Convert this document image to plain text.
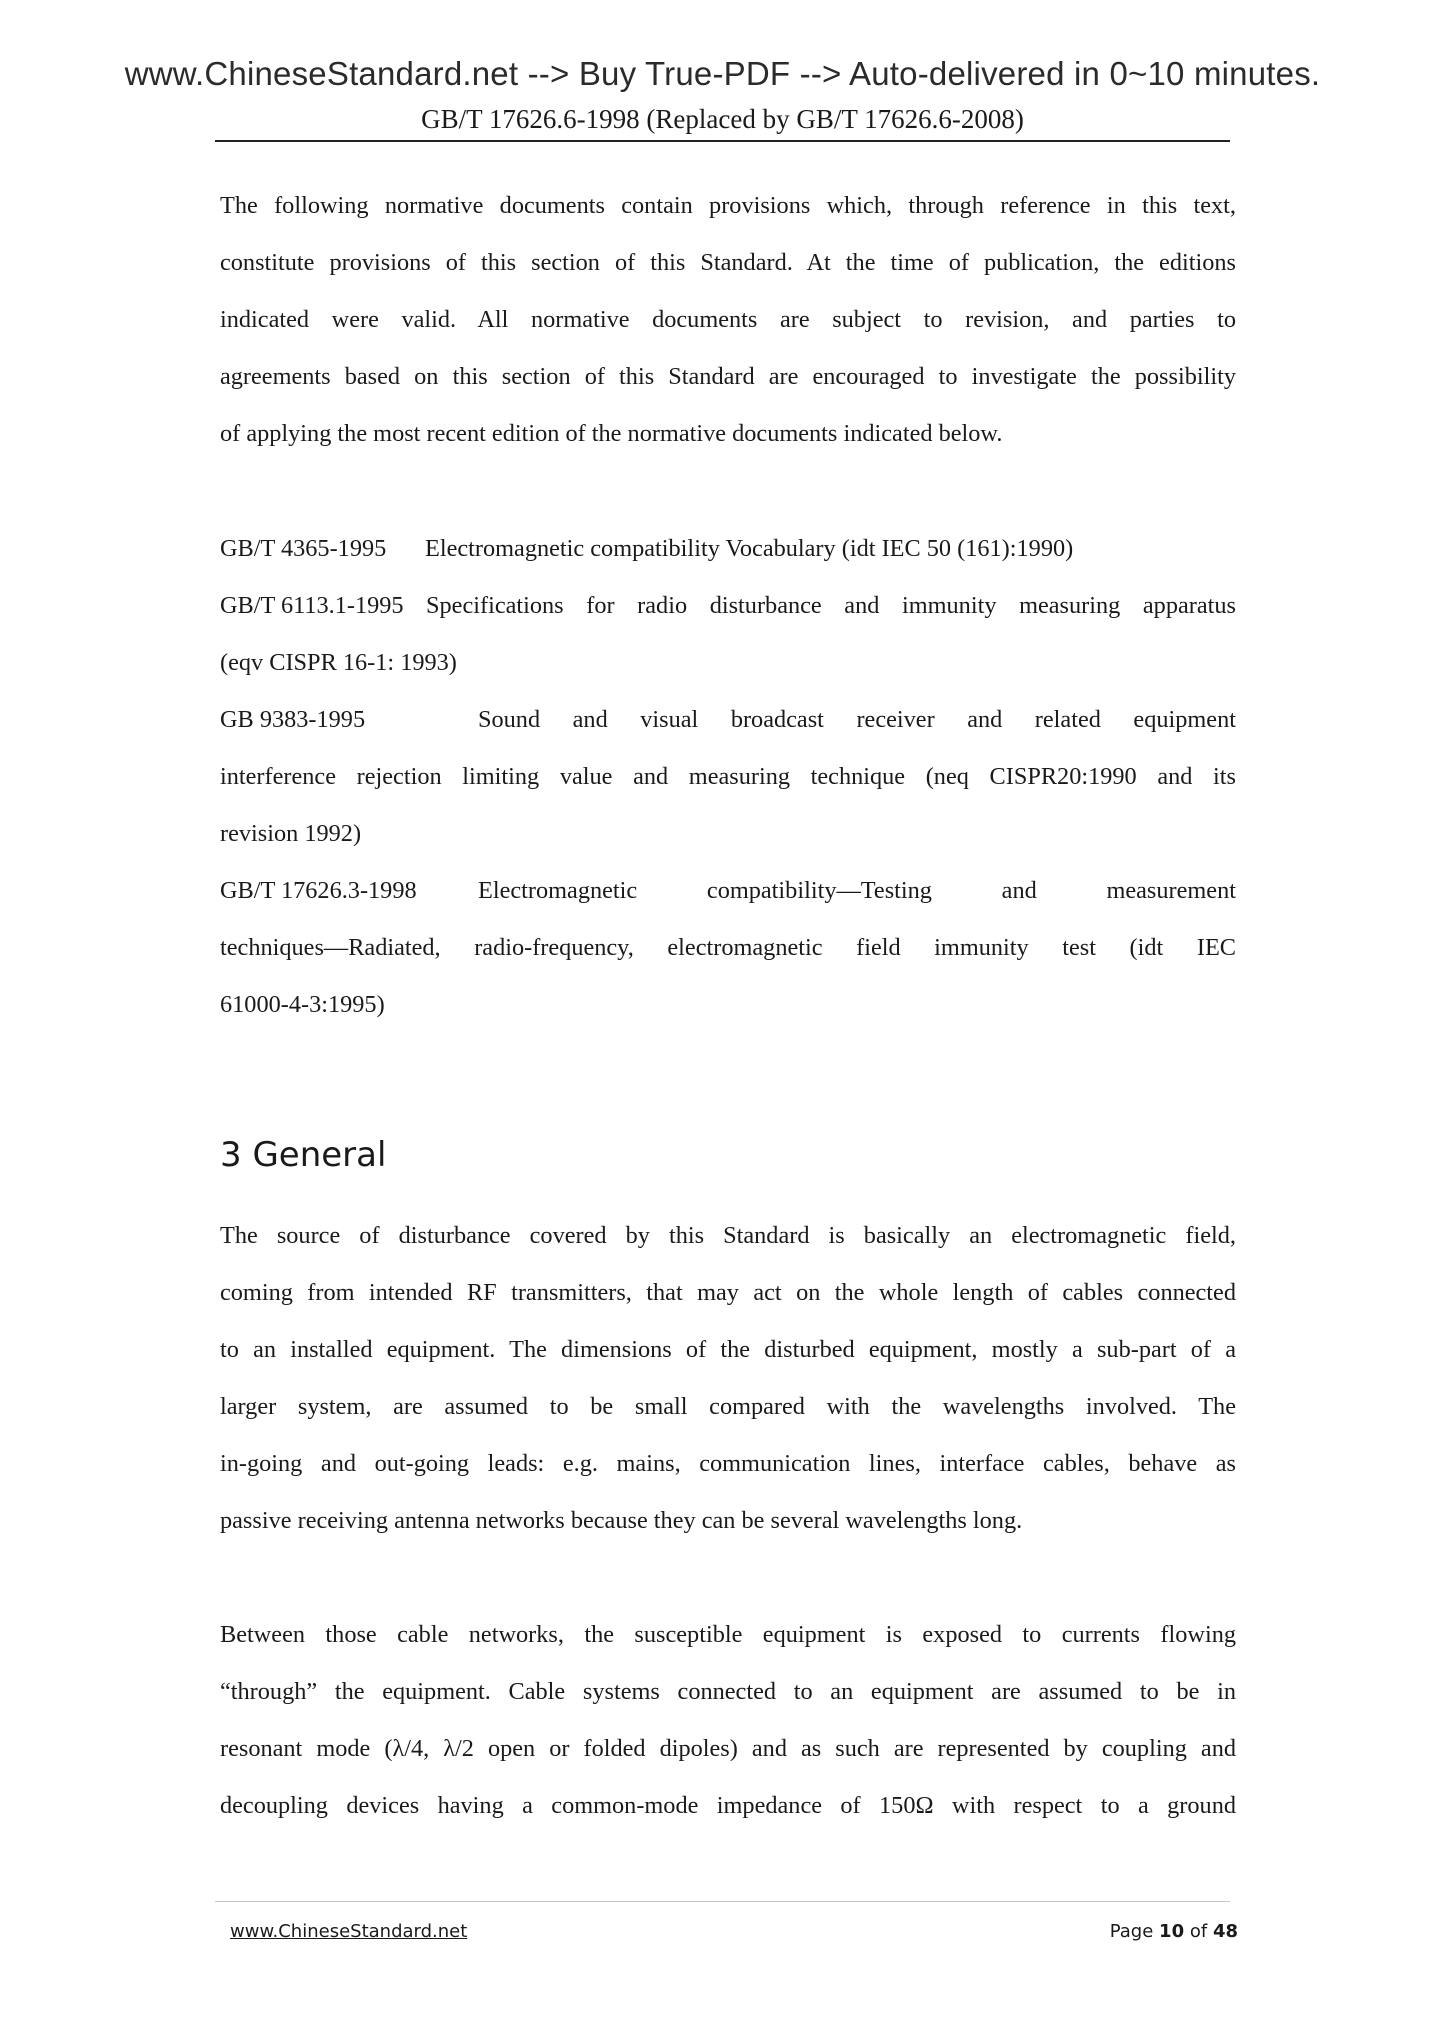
www.ChineseStandard.net --> Buy True-PDF --> Auto-delivered in 0~10 minutes.
GB/T 17626.6-1998 (Replaced by GB/T 17626.6-2008)

The following normative documents contain provisions which, through reference in this text,

constitute provisions of this section of this Standard. At the time of publication, the editions

indicated were valid. All normative documents are subject to revision, and parties to

agreements based on this section of this Standard are encouraged to investigate the possibility

of applying the most recent edition of the normative documents indicated below.

GB/T 4365-1995 Electromagnetic compatibility Vocabulary (idt IEC 50 (161):1990)
GB/T 6113.1-1995 Specifications for radio disturbance and immunity measuring apparatus
(eqv CISPR 16-1: 1993)
GB 9383-1995	Sound and visual broadcast receiver and related equipment
interference rejection limiting value and measuring technique (neq CISPR20:1990 and its
revision 1992)
GB/T 17626.3-1998	Electromagnetic compatibility—Testing and measurement
techniques—Radiated, radio-frequency, electromagnetic field immunity test (idt IEC
61000-4-3:1995)
3 General

The source of disturbance covered by this Standard is basically an electromagnetic field,

coming from intended RF transmitters, that may act on the whole length of cables connected

to an installed equipment. The dimensions of the disturbed equipment, mostly a sub-part of a

larger system, are assumed to be small compared with the wavelengths involved. The

in-going and out-going leads: e.g. mains, communication lines, interface cables, behave as

passive receiving antenna networks because they can be several wavelengths long.

Between those cable networks, the susceptible equipment is exposed to currents flowing

“through” the equipment. Cable systems connected to an equipment are assumed to be in

resonant mode (λ/4, λ/2 open or folded dipoles) and as such are represented by coupling and

decoupling devices having a common-mode impedance of 150Ω with respect to a ground

www.ChineseStandard.net	Page 10 of 48
